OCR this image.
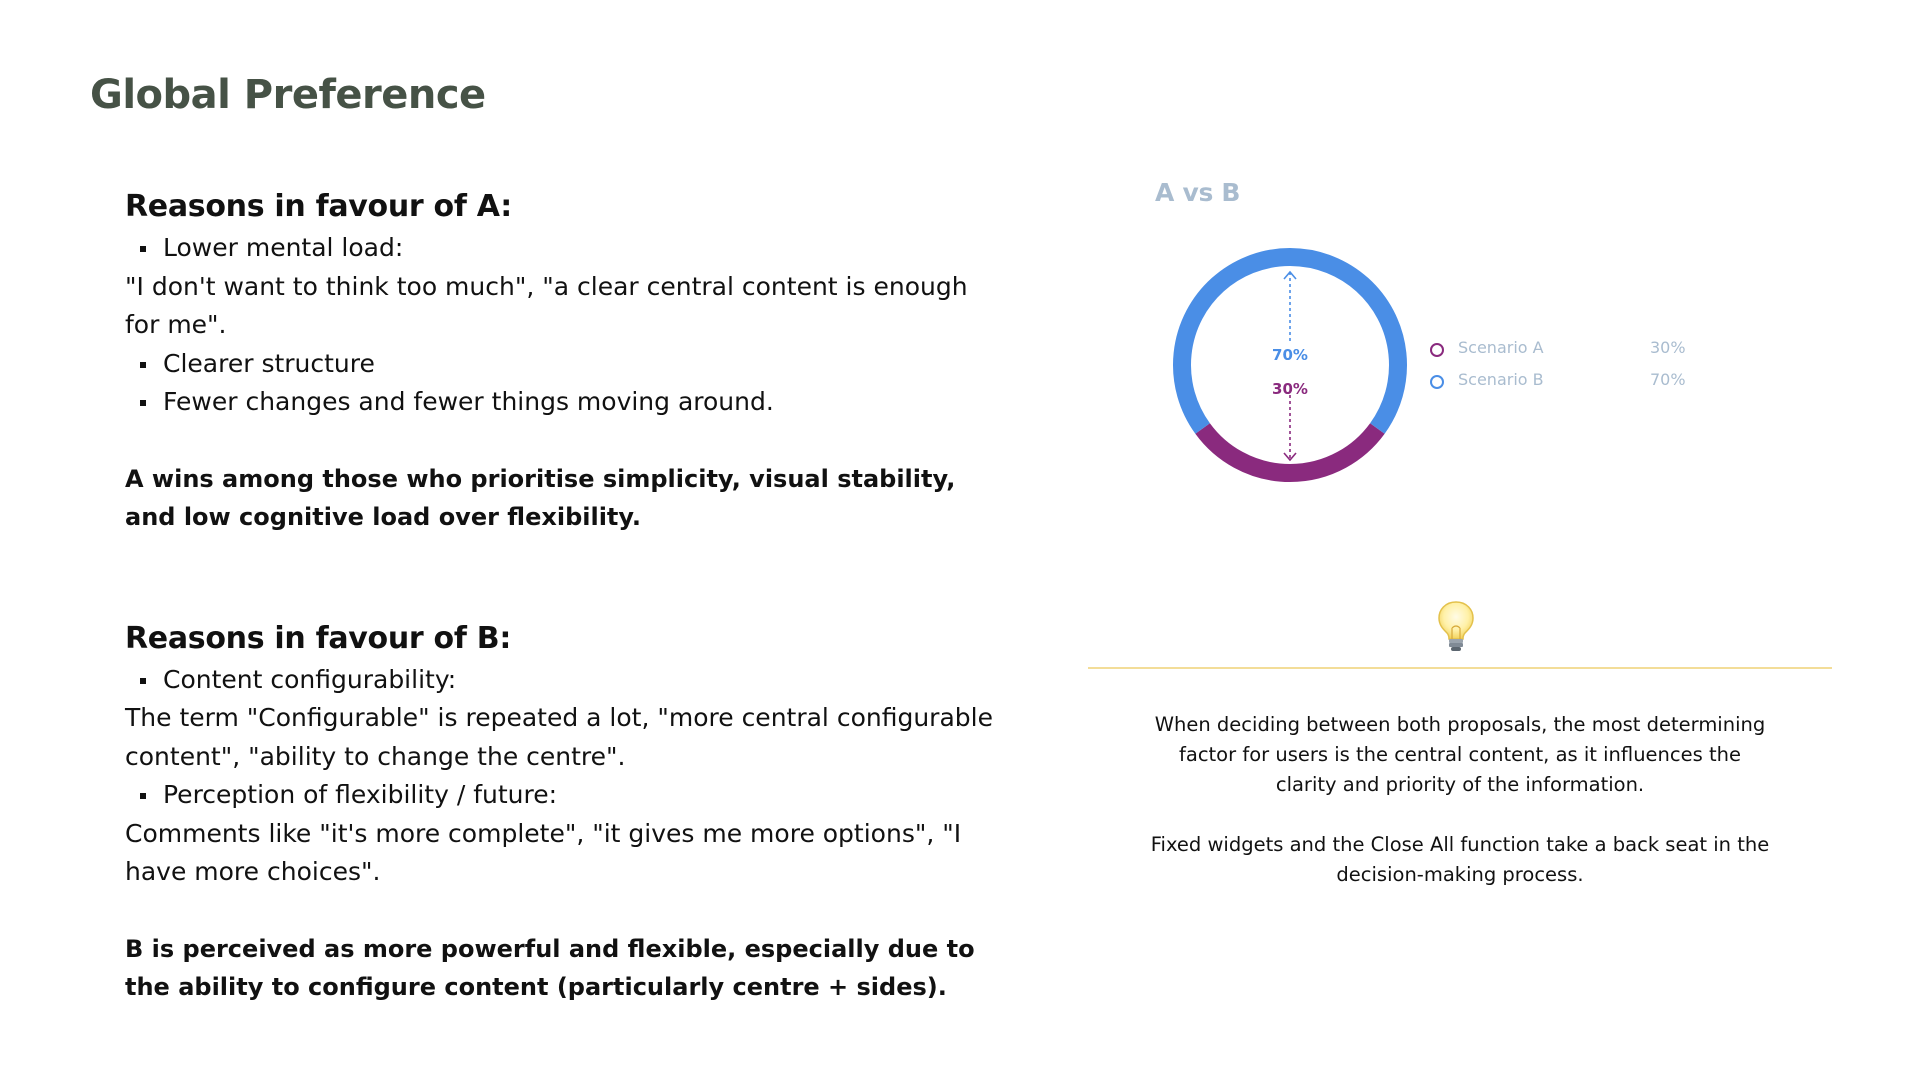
Global Preference
Reasons in favour of A:
Lower mental load:

"I don't want to think too much", "a clear central content is enough for me".

Clearer structure
Fewer changes and fewer things moving around.

A wins among those who prioritise simplicity, visual stability, and low cognitive load over flexibility.

Reasons in favour of B:
Content configurability:

The term "Configurable" is repeated a lot, "more central configurable content", "ability to change the centre".

Perception of flexibility / future:

Comments like "it's more complete", "it gives me more options", "I have more choices".

B is perceived as more powerful and flexible, especially due to the ability to configure content (particularly centre + sides).

A vs B
70%
30%
Scenario A	30%
Scenario B	70%

When deciding between both proposals, the most determining factor for users is the central content, as it influences the clarity and priority of the information.

Fixed widgets and the Close All function take a back seat in the decision-making process.
